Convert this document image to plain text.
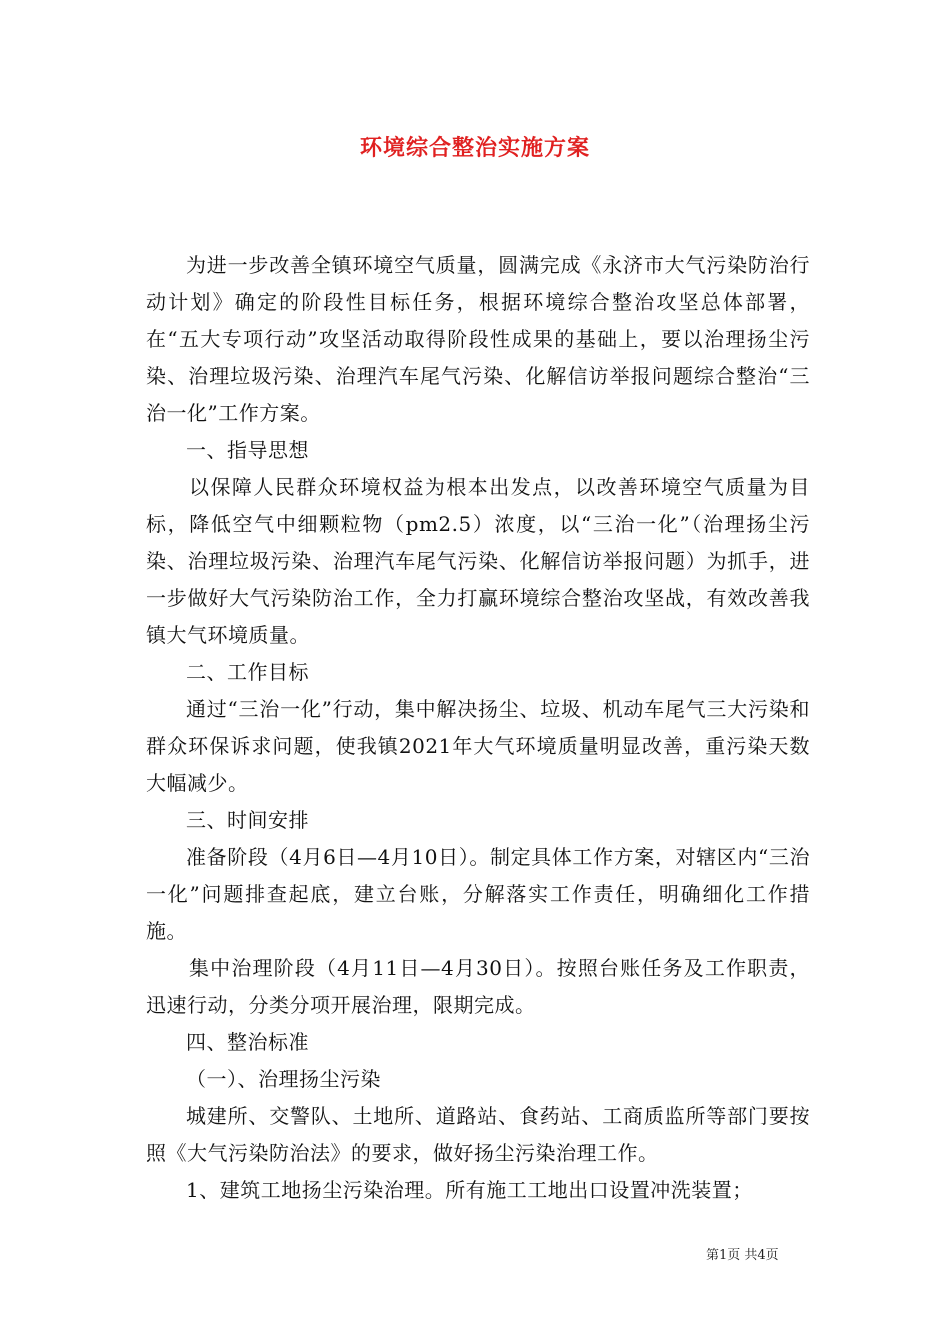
环境综合整治实施方案

为进一步改善全镇环境空气质量，圆满完成《永济市大气污染防治行动计划》确定的阶段性目标任务，根据环境综合整治攻坚总体部署，在“五大专项行动”攻坚活动取得阶段性成果的基础上，要以治理扬尘污染、治理垃圾污染、治理汽车尾气污染、化解信访举报问题综合整治“三治一化”工作方案。

一、指导思想

以保障人民群众环境权益为根本出发点，以改善环境空气质量为目标，降低空气中细颗粒物（pm2.5）浓度，以“三治一化”（治理扬尘污染、治理垃圾污染、治理汽车尾气污染、化解信访举报问题）为抓手，进一步做好大气污染防治工作，全力打赢环境综合整治攻坚战，有效改善我镇大气环境质量。

二、工作目标

通过“三治一化”行动，集中解决扬尘、垃圾、机动车尾气三大污染和群众环保诉求问题，使我镇2021年大气环境质量明显改善，重污染天数大幅减少。

三、时间安排

准备阶段（4月6日—4月10日）。制定具体工作方案，对辖区内“三治一化”问题排查起底，建立台账，分解落实工作责任，明确细化工作措施。

集中治理阶段（4月11日—4月30日）。按照台账任务及工作职责，迅速行动，分类分项开展治理，限期完成。

四、整治标准

（一）、治理扬尘污染

城建所、交警队、土地所、道路站、食药站、工商质监所等部门要按照《大气污染防治法》的要求，做好扬尘污染治理工作。

1、建筑工地扬尘污染治理。所有施工工地出口设置冲洗装置；

第1页 共4页
